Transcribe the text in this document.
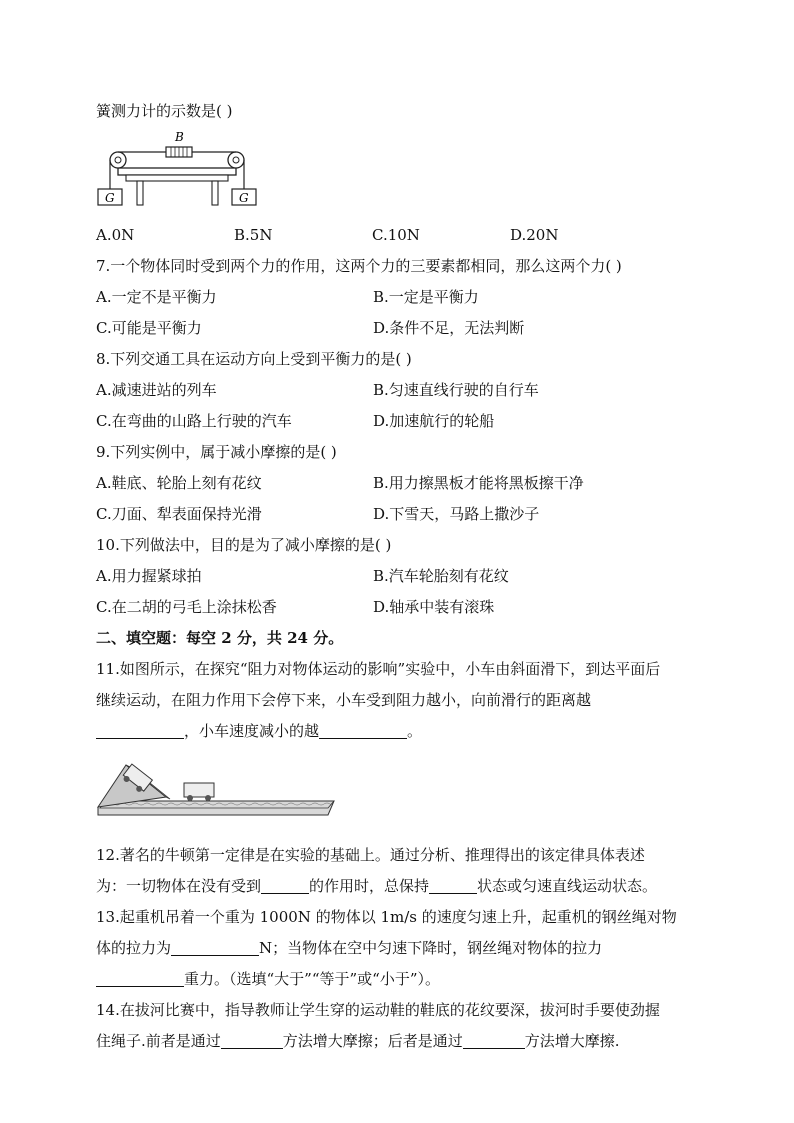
簧测力计的示数是( )
B
G	G
A.0N	B.5N	C.10N	D.20N
7.一个物体同时受到两个力的作用，这两个力的三要素都相同，那么这两个力( )
A.一定不是平衡力	B.一定是平衡力
C.可能是平衡力	D.条件不足，无法判断
8.下列交通工具在运动方向上受到平衡力的是( )
A.减速进站的列车	B.匀速直线行驶的自行车
C.在弯曲的山路上行驶的汽车	D.加速航行的轮船
9.下列实例中，属于减小摩擦的是( )
A.鞋底、轮胎上刻有花纹	B.用力擦黑板才能将黑板擦干净
C.刀面、犁表面保持光滑	D.下雪天，马路上撒沙子
10.下列做法中，目的是为了减小摩擦的是( )
A.用力握紧球拍	B.汽车轮胎刻有花纹
C.在二胡的弓毛上涂抹松香	D.轴承中装有滚珠
二、填空题：每空 2 分，共 24 分。
11.如图所示，在探究“阻力对物体运动的影响”实验中，小车由斜面滑下，到达平面后
继续运动，在阻力作用下会停下来，小车受到阻力越小，向前滑行的距离越
，小车速度减小的越	。
12.著名的牛顿第一定律是在实验的基础上。通过分析、推理得出的该定律具体表述
为：一切物体在没有受到	的作用时，总保持	状态或匀速直线运动状态。
13.起重机吊着一个重为 1000N 的物体以 1m/s 的速度匀速上升，起重机的钢丝绳对物
体的拉力为	N；当物体在空中匀速下降时，钢丝绳对物体的拉力
重力。（选填“大于”“等于”或“小于”）。
14.在拔河比赛中，指导教师让学生穿的运动鞋的鞋底的花纹要深，拔河时手要使劲握
住绳子.前者是通过	方法增大摩擦；后者是通过	方法增大摩擦.
